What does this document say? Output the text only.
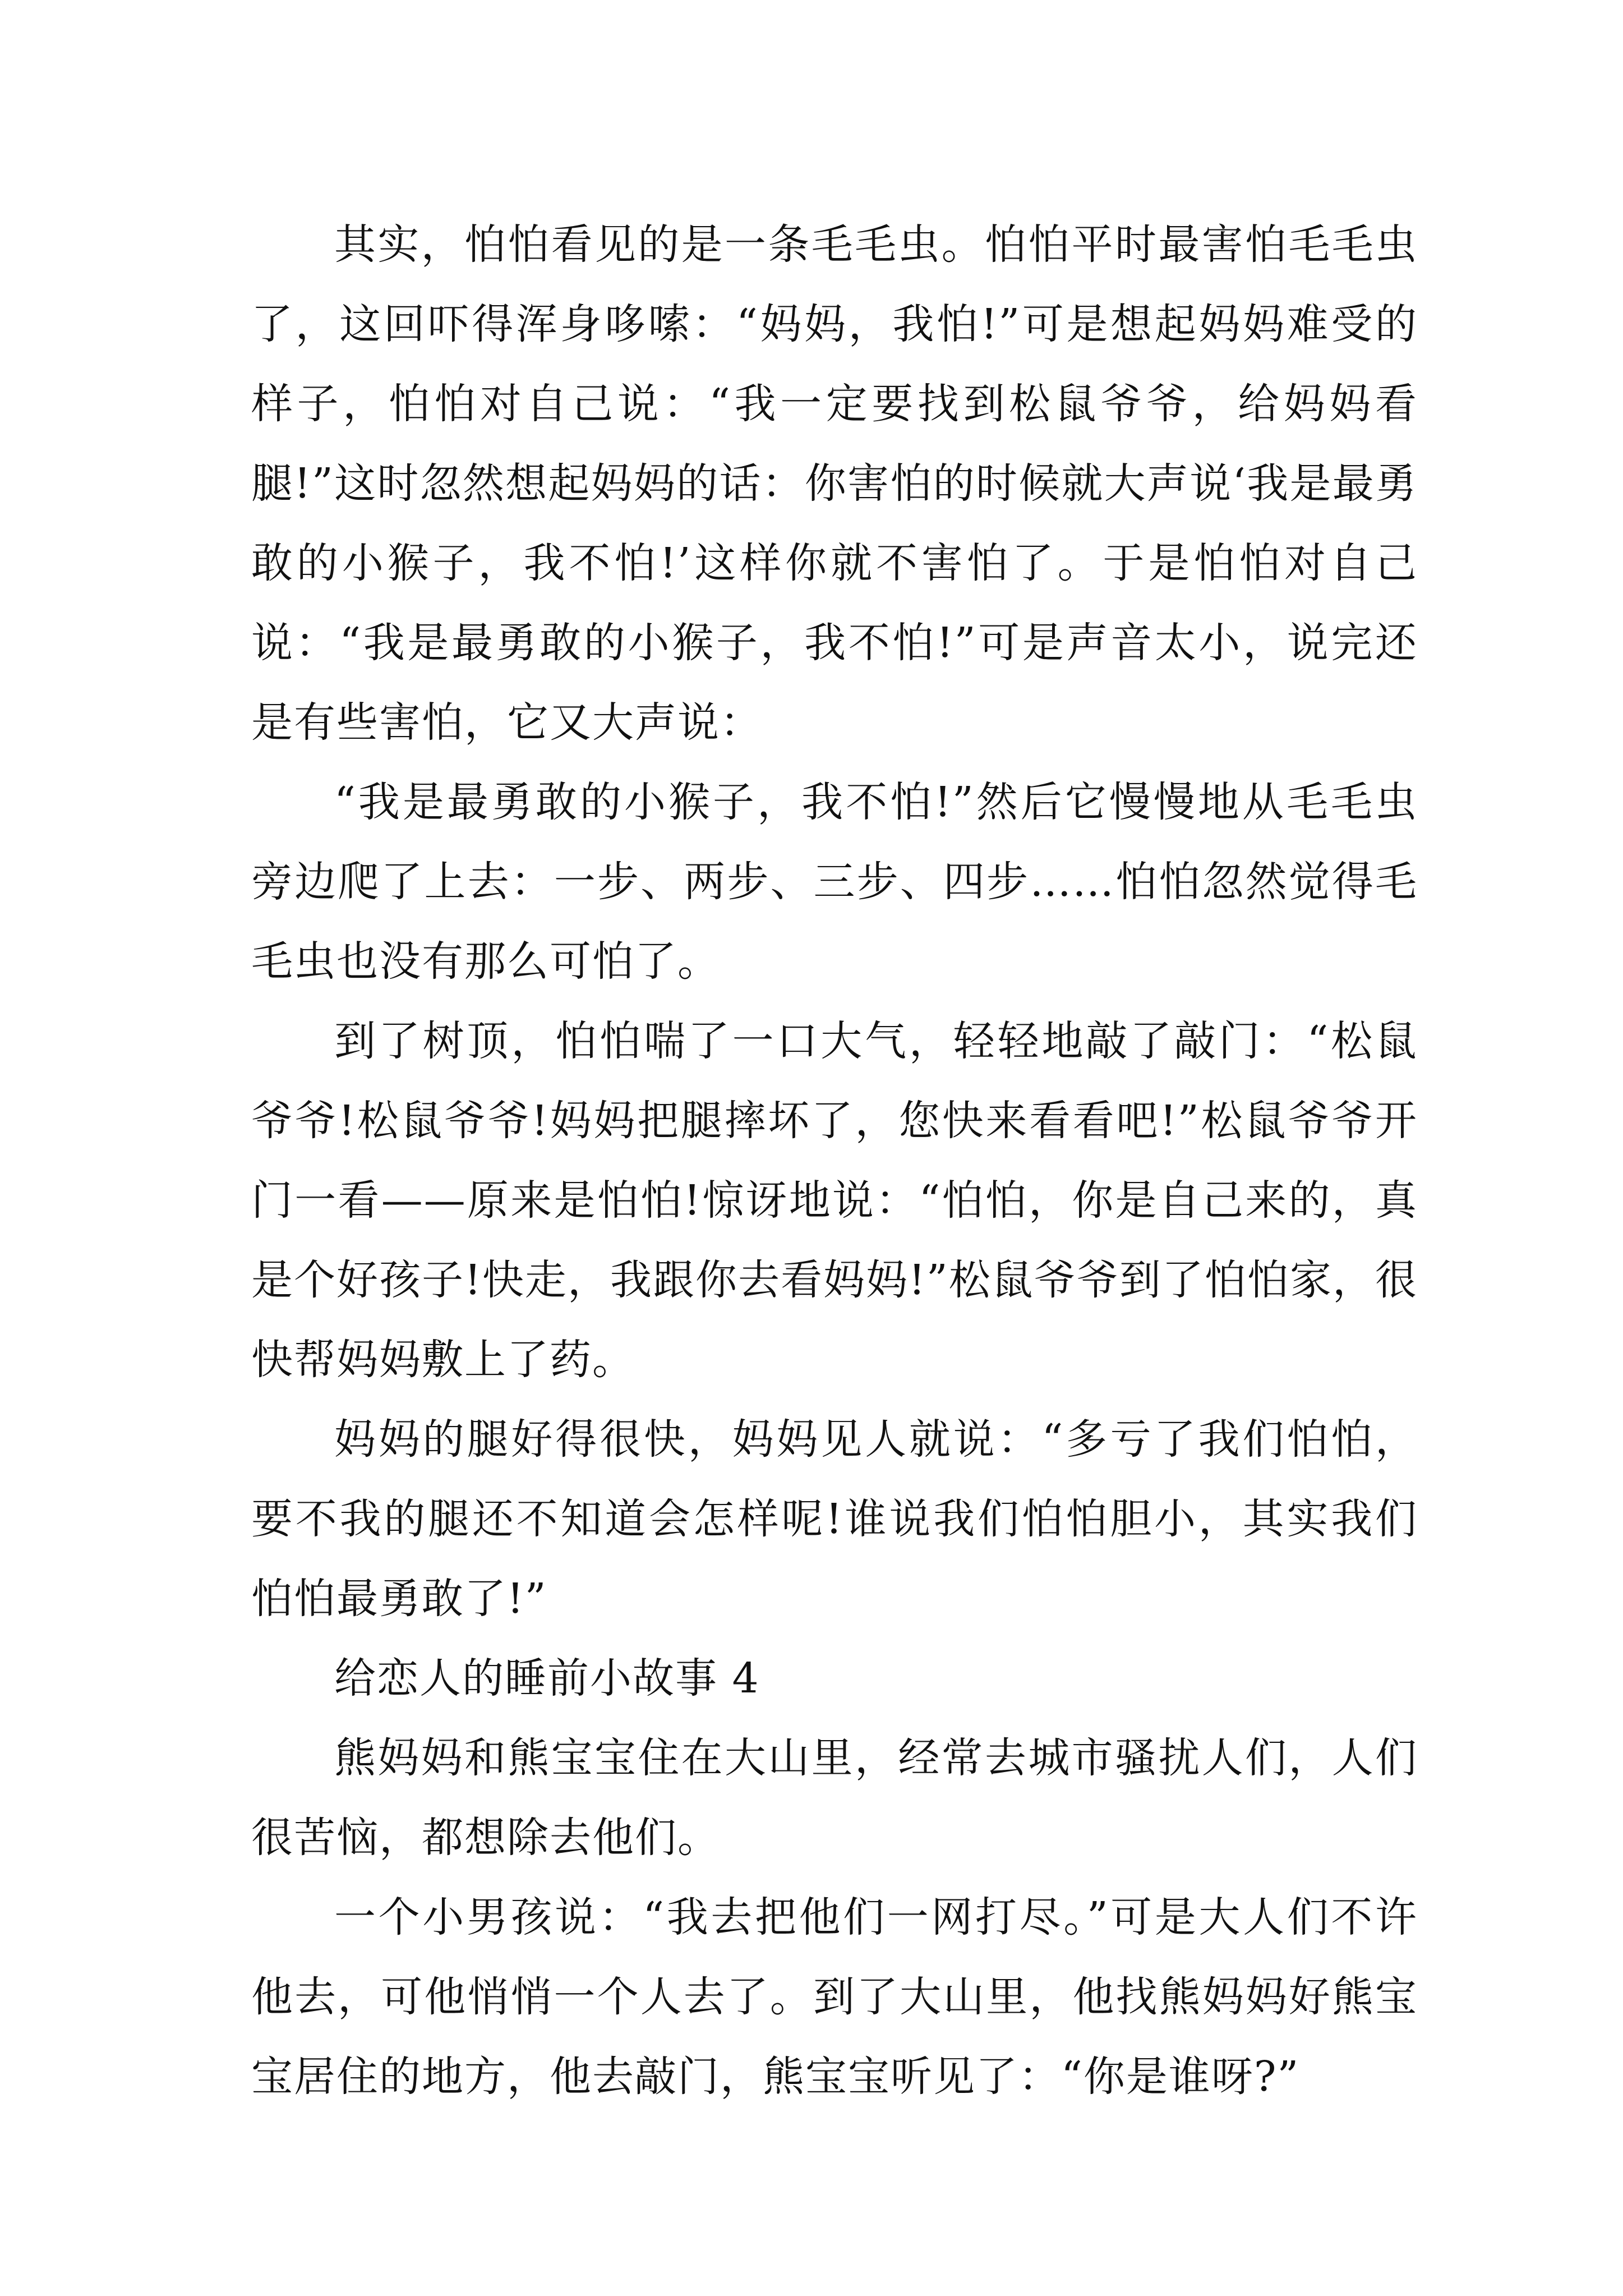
其实，怕怕看见的是一条毛毛虫。怕怕平时最害怕毛毛虫了，这回吓得浑身哆嗦：“妈妈，我怕!”可是想起妈妈难受的样子，怕怕对自己说：“我一定要找到松鼠爷爷，给妈妈看腿!”这时忽然想起妈妈的话：你害怕的时候就大声说‘我是最勇敢的小猴子，我不怕!’这样你就不害怕了。于是怕怕对自己说：“我是最勇敢的小猴子，我不怕!”可是声音太小，说完还是有些害怕，它又大声说：

“我是最勇敢的小猴子，我不怕!”然后它慢慢地从毛毛虫旁边爬了上去：一步、两步、三步、四步……怕怕忽然觉得毛毛虫也没有那么可怕了。

到了树顶，怕怕喘了一口大气，轻轻地敲了敲门：“松鼠爷爷!松鼠爷爷!妈妈把腿摔坏了，您快来看看吧!”松鼠爷爷开门一看——原来是怕怕!惊讶地说：“怕怕，你是自己来的，真是个好孩子!快走，我跟你去看妈妈!”松鼠爷爷到了怕怕家，很快帮妈妈敷上了药。

妈妈的腿好得很快，妈妈见人就说：“多亏了我们怕怕，要不我的腿还不知道会怎样呢!谁说我们怕怕胆小，其实我们怕怕最勇敢了!”

给恋人的睡前小故事 4

熊妈妈和熊宝宝住在大山里，经常去城市骚扰人们，人们很苦恼，都想除去他们。

一个小男孩说：“我去把他们一网打尽。”可是大人们不许他去，可他悄悄一个人去了。到了大山里，他找熊妈妈好熊宝宝居住的地方，他去敲门，熊宝宝听见了：“你是谁呀?”
